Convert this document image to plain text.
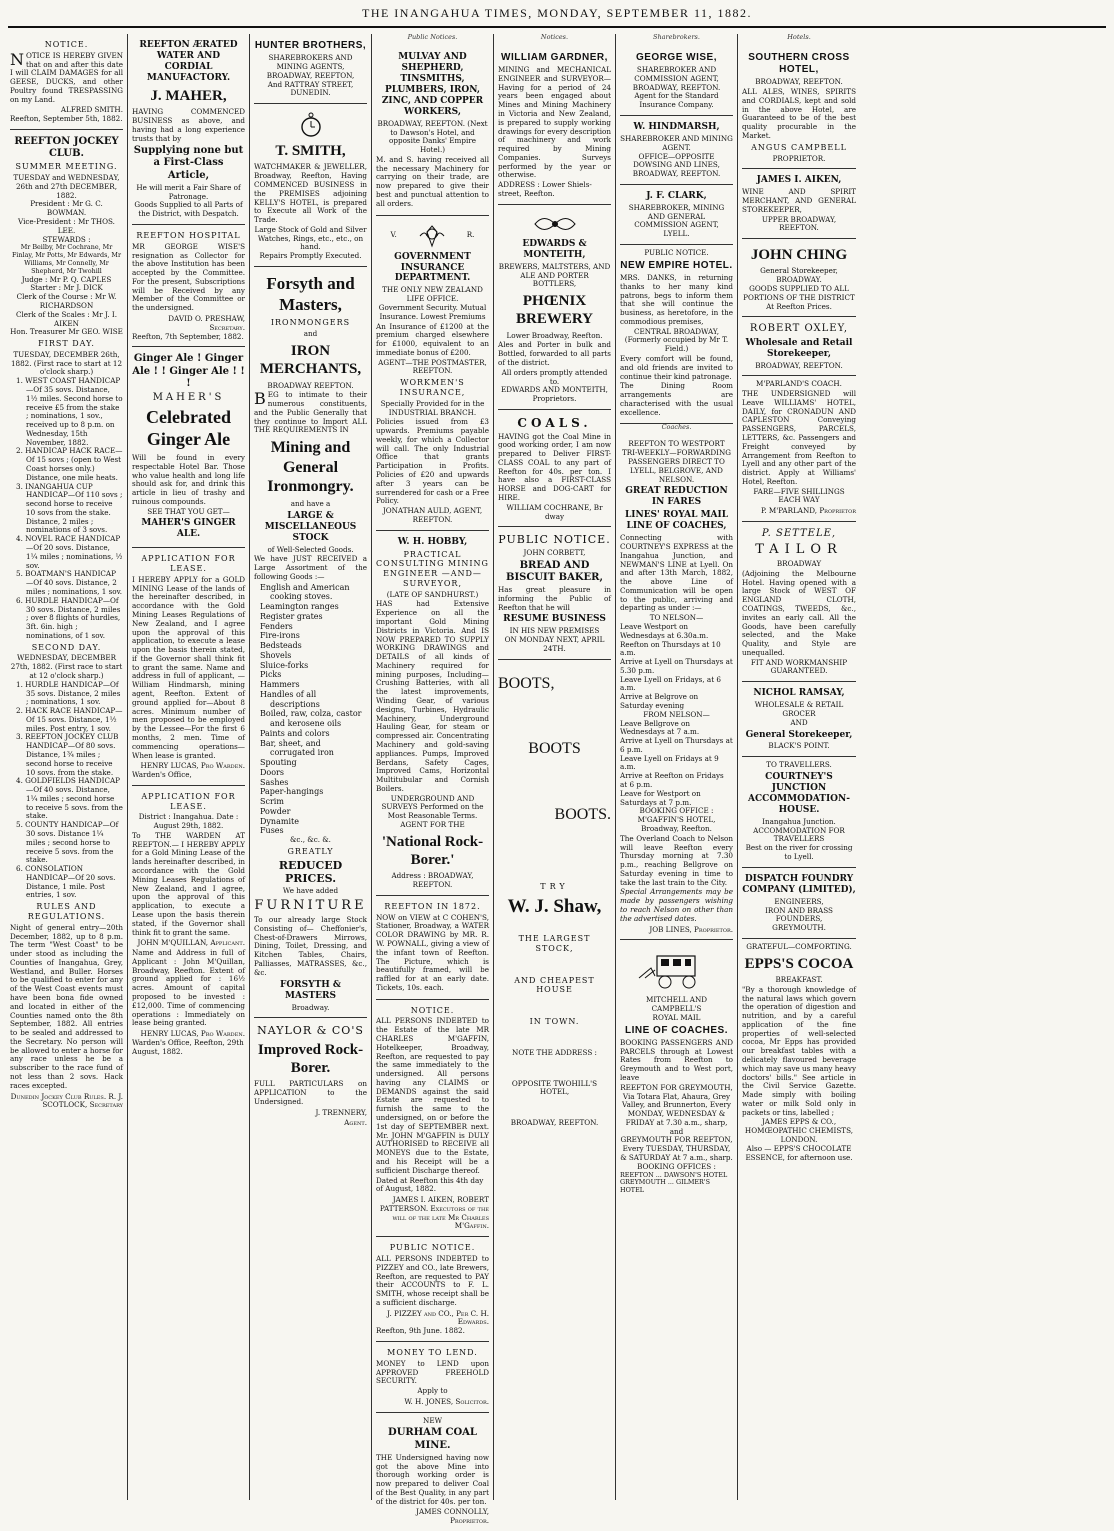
THE INANGAHUA TIMES, MONDAY, SEPTEMBER 11, 1882.
NOTICE.

NOTICE IS HEREBY GIVEN that on and after this date I will CLAIM DAMAGES for all GEESE, DUCKS, and other Poultry found TRESPASSING on my Land.

ALFRED SMITH.
Reefton, September 5th, 1882.
REEFTON JOCKEY CLUB.
SUMMER MEETING.
TUESDAY and WEDNESDAY, 26th and 27th DECEMBER, 1882.
President : Mr G. C. BOWMAN.
Vice-President : Mr THOS. LEE.
STEWARDS :
Mr Beilby, Mr Cochrane, Mr Finlay, Mr Potts, Mr Edwards, Mr Williams, Mr Connelly, Mr Shepherd, Mr Twohill
Judge : Mr P. Q. CAPLES
Starter : Mr J. DICK
Clerk of the Course : Mr W. RICHARDSON
Clerk of the Scales : Mr J. I. AIKEN
Hon. Treasurer Mr GEO. WISE
FIRST DAY.
TUESDAY, DECEMBER 26th, 1882. (First race to start at 12 o'clock sharp.)
1. WEST COAST HANDICAP—Of 35 sovs. Distance, 1½ miles. Second horse to receive £5 from the stake ; nominations, 1 sov., received up to 8 p.m. on Wednesday, 15th November, 1882.
2. HANDICAP HACK RACE—Of 15 sovs ; (open to West Coast horses only.) Distance, one mile heats.
3. INANGAHUA CUP HANDICAP—Of 110 sovs ; second horse to receive 10 sovs from the stake. Distance, 2 miles ; nominations of 3 sovs.
4. NOVEL RACE HANDICAP—Of 20 sovs. Distance, 1¼ miles ; nominations, ½ sov.
5. BOATMAN'S HANDICAP—Of 40 sovs. Distance, 2 miles ; nominations, 1 sov.
6. HURDLE HANDICAP—Of 30 sovs. Distance, 2 miles ; over 8 flights of hurdles, 3ft. 6in. high ; nominations, of 1 sov.
SECOND DAY.
WEDNESDAY, DECEMBER 27th, 1882. (First race to start at 12 o'clock sharp.)
1. HURDLE HANDICAP—Of 35 sovs. Distance, 2 miles ; nominations, 1 sov.
2. HACK RACE HANDICAP—Of 15 sovs. Distance, 1½ miles. Post entry, 1 sov.
3. REEFTON JOCKEY CLUB HANDICAP—Of 80 sovs. Distance, 1¾ miles ; second horse to receive 10 sovs. from the stake.
4. GOLDFIELDS HANDICAP—Of 40 sovs. Distance, 1¼ miles ; second horse to receive 5 sovs. from the stake.
5. COUNTY HANDICAP—Of 30 sovs. Distance 1¼ miles ; second horse to receive 5 sovs. from the stake.
6. CONSOLATION HANDICAP—Of 20 sovs. Distance, 1 mile. Post entries, 1 sov.
RULES AND REGULATIONS.

Night of general entry—20th December, 1882, up to 8 p.m. The term "West Coast" to be under stood as including the Counties of Inangahua, Grey, Westland, and Buller. Horses to be qualified to enter for any of the West Coast events must have been bona fide owned and located in either of the Counties named onto the 8th September, 1882. All entries to be sealed and addressed to the Secretary. No person will be allowed to enter a horse for any race unless he be a subscriber to the race fund of not less than 2 sovs. Hack races excepted.

Dunedin Jockey Club Rules. R. J. SCOTLOCK, Secretary
REEFTON ÆRATED WATER AND CORDIAL MANUFACTORY.
J. MAHER,

HAVING COMMENCED BUSINESS as above, and having had a long experience trusts that by

Supplying none but a First-Class Article,
He will merit a Fair Share of Patronage.
Goods Supplied to all Parts of the District, with Despatch.
REEFTON HOSPITAL

MR GEORGE WISE'S resignation as Collector for the above Institution has been accepted by the Committee. For the present, Subscriptions will be Received by any Member of the Committee or the undersigned.

DAVID O. PRESHAW, Secretary.
Reefton, 7th September, 1882.
Ginger Ale ! Ginger Ale ! ! Ginger Ale ! ! !
MAHER'S
Celebrated Ginger Ale

Will be found in every respectable Hotel Bar. Those who value health and long life should ask for, and drink this article in lieu of trashy and ruinous compounds.

SEE THAT YOU GET—
MAHER'S GINGER ALE.
APPLICATION FOR LEASE.

I HEREBY APPLY for a GOLD MINING Lease of the lands of the hereinafter described, in accordance with the Gold Mining Leases Regulations of New Zealand, and I agree upon the approval of this application, to execute a lease upon the basis therein stated, if the Governor shall think fit to grant the same. Name and address in full of applicant, — William Hindmarsh, mining agent, Reefton. Extent of ground applied for—About 8 acres. Minimum number of men proposed to be employed by the Lessee—For the first 6 months, 2 men. Time of commencing operations—When lease is granted.

HENRY LUCAS, Pro Warden.
Warden's Office,
APPLICATION FOR LEASE.
District : Inangahua. Date : August 29th, 1882.

To THE WARDEN AT REEFTON.— I HEREBY APPLY for a Gold Mining Lease of the lands hereinafter described, in accordance with the Gold Mining Leases Regulations of New Zealand, and I agree, upon the approval of this application, to execute a Lease upon the basis therein stated, if the Governor shall think fit to grant the same.

JOHN M'QUILLAN, Applicant.

Name and Address in full of Applicant : John M'Quillan, Broadway, Reefton. Extent of ground applied for : 16½ acres. Amount of capital proposed to be invested : £12,000. Time of commencing operations : Immediately on lease being granted.

HENRY LUCAS, Pro Warden.
Warden's Office, Reefton, 29th August, 1882.
HUNTER BROTHERS,
SHAREBROKERS AND MINING AGENTS,
BROADWAY, REEFTON,
And RATTRAY STREET, DUNEDIN.
T. SMITH,

WATCHMAKER & JEWELLER, Broadway, Reefton, Having COMMENCED BUSINESS in the PREMISES adjoining KELLY'S HOTEL, is prepared to Execute all Work of the Trade.

Large Stock of Gold and Silver Watches, Rings, etc., etc., on hand.
Repairs Promptly Executed.
Forsyth and Masters,
IRONMONGERS
and
IRON MERCHANTS,
BROADWAY REEFTON.

BEG to intimate to their numerous constituents, and the Public Generally that they continue to Import ALL THE REQUIREMENTS IN

Mining and General Ironmongry.
and have a
LARGE & MISCELLANEOUS STOCK
of Well-Selected Goods.

We have JUST RECEIVED a Large Assortment of the following Goods :—

English and American cooking stoves.
Leamington ranges
Register grates
Fenders
Fire-irons
Bedsteads
Shovels
Sluice-forks
Picks
Hammers
Handles of all descriptions
Boiled, raw, colza, castor and kerosene oils
Paints and colors
Bar, sheet, and corrugated iron
Spouting
Doors
Sashes
Paper-hangings
Scrim
Powder
Dynamite
Fuses
&c., &c. &.
GREATLY
REDUCED PRICES.
We have added
FURNITURE

To our already large Stock Consisting of— Cheffonier's, Chest-of-Drawers Mirrows, Dining, Toilet, Dressing, and Kitchen Tables, Chairs, Palliasses, MATRASSES, &c., &c.

FORSYTH & MASTERS
Broadway.
NAYLOR & CO'S
Improved Rock-Borer.

FULL PARTICULARS on APPLICATION to the Undersigned.

J. TRENNERY,
Agent.
Public Notices.
MULVAY AND SHEPHERD, TINSMITHS, PLUMBERS, IRON, ZINC, AND COPPER WORKERS,
BROADWAY, REEFTON. (Next to Dawson's Hotel, and opposite Danks' Empire Hotel.)

M. and S. having received all the necessary Machinery for carrying on their trade, are now prepared to give their best and punctual attention to all orders.

V.	R.
GOVERNMENT INSURANCE DEPARTMENT.
THE ONLY NEW ZEALAND LIFE OFFICE.
Government Security. Mutual Insurance. Lowest Premiums

An Insurance of £1200 at the premium charged elsewhere for £1000, equivalent to an immediate bonus of £200.

AGENT—THE POSTMASTER, REEFTON.
WORKMEN'S INSURANCE,
Specially Provided for in the INDUSTRIAL BRANCH.

Policies issued from £3 upwards. Premiums payable weekly, for which a Collector will call. The only Industrial Office that grants Participation in Profits. Policies of £20 and upwards after 3 years can be surrendered for cash or a Free Policy.

JONATHAN AULD, AGENT, REEFTON.
W. H. HOBBY,
PRACTICAL CONSULTING MINING ENGINEER —AND— SURVEYOR,
(LATE OF SANDHURST.)

HAS had Extensive Experience on all the important Gold Mining Districts in Victoria. And IS NOW PREPARED TO SUPPLY WORKING DRAWINGS and DETAILS of all kinds of Machinery required for mining purposes, Including— Crushing Batteries, with all the latest improvements, Winding Gear, of various designs, Turbines, Hydraulic Machinery, Underground Hauling Gear, for steam or compressed air. Concentrating Machinery and gold-saving appliances. Pumps, Improved Berdans, Safety Cages, Improved Cams, Horizontal Multitubular and Cornish Boilers.

UNDERGROUND AND SURVEYS Performed on the Most Reasonable Terms.
AGENT FOR THE
'National Rock-Borer.'
Address : BROADWAY, REEFTON.
REEFTON IN 1872.

NOW on VIEW at C COHEN'S, Stationer, Broadway, a WATER COLOR DRAWING by MR. R. W. POWNALL, giving a view of the infant town of Reefton. The Picture, which is beautifully framed, will be raffled for at an early date. Tickets, 10s. each.

NOTICE.

ALL PERSONS INDEBTED to the Estate of the late MR CHARLES M'GAFFIN, Hotelkeeper, Broadway, Reefton, are requested to pay the same immediately to the undersigned. All persons having any CLAIMS or DEMANDS against the said Estate are requested to furnish the same to the undersigned, on or before the 1st day of SEPTEMBER next. Mr. JOHN M'GAFFIN is DULY AUTHORISED to RECEIVE all MONEYS due to the Estate, and his Receipt will be a sufficient Discharge thereof.

Dated at Reefton this 4th day of August, 1882.
JAMES I. AIKEN, ROBERT PATTERSON. Executors of the will of the late Mr Charles M'Gaffin.
PUBLIC NOTICE.

ALL PERSONS INDEBTED to PIZZEY and CO., late Brewers, Reefton, are requested to PAY their ACCOUNTS to F. L. SMITH, whose receipt shall be a sufficient discharge.

J. PIZZEY and CO., Per C. H. Edwards.
Reefton, 9th June. 1882.
MONEY TO LEND.

MONEY to LEND upon APPROVED FREEHOLD SECURITY.

Apply to
W. H. JONES, Solicitor.
NEW
DURHAM COAL MINE.

THE Undersigned having now got the above Mine into thorough working order is now prepared to deliver Coal of the Best Quality, in any part of the district for 40s. per ton.

JAMES CONNOLLY, Proprietor.
Notices.
WILLIAM GARDNER,

MINING and MECHANICAL ENGINEER and SURVEYOR—Having for a period of 24 years been engaged about Mines and Mining Machinery in Victoria and New Zealand, is prepared to supply working drawings for every description of machinery and work required by Mining Companies. Surveys performed by the year or otherwise.

ADDRESS : Lower Shiels-street, Reefton.
EDWARDS & MONTEITH,
BREWERS, MALTSTERS, AND ALE AND PORTER BOTTLERS,
PHŒNIX BREWERY
Lower Broadway, Reefton.

Ales and Porter in bulk and Bottled, forwarded to all parts of the district.

All orders promptly attended to.
EDWARDS AND MONTEITH, Proprietors.
COALS.

HAVING got the Coal Mine in good working order, I am now prepared to Deliver FIRST-CLASS COAL to any part of Reefton for 40s. per ton. I have also a FIRST-CLASS HORSE and DOG-CART for HIRE.

WILLIAM COCHRANE, Br dway
PUBLIC NOTICE.
JOHN CORBETT,
BREAD AND BISCUIT BAKER,

Has great pleasure in informing the Public of Reefton that he will

RESUME BUSINESS
IN HIS NEW PREMISES
ON MONDAY NEXT, APRIL 24TH.
BOOTS,
BOOTS
BOOTS.
TRY
W. J. Shaw,
THE LARGEST STOCK,
AND CHEAPEST HOUSE
IN TOWN.
NOTE THE ADDRESS :
OPPOSITE TWOHILL'S HOTEL,
BROADWAY, REEFTON.
Sharebrokers.
GEORGE WISE,
SHAREBROKER AND COMMISSION AGENT,
BROADWAY, REEFTON.
Agent for the Standard Insurance Company.
W. HINDMARSH,
SHAREBROKER AND MINING AGENT.
OFFICE—OPPOSITE DOWSING AND LINES,
BROADWAY, REEFTON.
J. F. CLARK,
SHAREBROKER, MINING AND GENERAL COMMISSION AGENT,
LYELL.
PUBLIC NOTICE.
NEW EMPIRE HOTEL.

MRS. DANKS, in returning thanks to her many kind patrons, begs to inform them that she will continue the business, as heretofore, in the commodious premises,

CENTRAL BROADWAY,
(Formerly occupied by Mr T. Field.)

Every comfort will be found, and old friends are invited to continue their kind patronage.

The Dining Room arrangements are characterised with the usual excellence.

Coaches.
REEFTON TO WESTPORT TRI-WEEKLY—FORWARDING PASSENGERS DIRECT TO LYELL, BELGROVE, AND NELSON.
GREAT REDUCTION IN FARES
LINES' ROYAL MAIL LINE OF COACHES,

Connecting with COURTNEY'S EXPRESS at the Inangahua Junction, and NEWMAN'S LINE at Lyell. On and after 13th March, 1882, the above Line of Communication will be open to the public, arriving and departing as under :—

TO NELSON—
Leave Westport on Wednesdays at 6.30a.m.
Reefton on Thursdays at 10 a.m.
Arrive at Lyell on Thursdays at 5.30 p.m.
Leave Lyell on Fridays, at 6 a.m.
Arrive at Belgrove on Saturday evening
FROM NELSON—
Leave Bellgrove on Wednesdays at 7 a.m.
Arrive at Lyell on Thursdays at 6 p.m.
Leave Lyell on Fridays at 9 a.m.
Arrive at Reefton on Fridays at 6 p.m.
Leave for Westport on Saturdays at 7 p.m.
BOOKING OFFICE : M'GAFFIN'S HOTEL, Broadway, Reefton.

The Overland Coach to Nelson will leave Reefton every Thursday morning at 7.30 p.m., reaching Bellgrove on Saturday evening in time to take the last train to the City.

Special Arrangements may be made by passengers wishing to reach Nelson on other than the advertised dates.

JOB LINES, Proprietor.
MITCHELL AND CAMPBELL'S
ROYAL MAIL
LINE OF COACHES.

BOOKING PASSENGERS AND PARCELS through at Lowest Rates from Reefton to Greymouth and to West port, leave

REEFTON FOR GREYMOUTH,
Via Totara Flat, Ahaura, Grey Valley, and Brunnerton, Every MONDAY, WEDNESDAY & FRIDAY at 7.30 a.m., sharp, and
GREYMOUTH FOR REEFTON,
Every TUESDAY, THURSDAY, & SATURDAY At 7 a.m., sharp.
BOOKING OFFICES :
REEFTON ... DAWSON'S HOTEL GREYMOUTH ... GILMER'S HOTEL
Hotels.
SOUTHERN CROSS HOTEL,
BROADWAY, REEFTON.

ALL ALES, WINES, SPIRITS and CORDIALS, kept and sold in the above Hotel, are Guaranteed to be of the best quality procurable in the Market.

ANGUS CAMPBELL
PROPRIETOR.
JAMES I. AIKEN,

WINE AND SPIRIT MERCHANT, AND GENERAL STOREKEEPER,

UPPER BROADWAY, REEFTON.
JOHN CHING
General Storekeeper,
BROADWAY.
GOODS SUPPLIED TO ALL PORTIONS OF THE DISTRICT At Reefton Prices.
ROBERT OXLEY,
Wholesale and Retail Storekeeper,
BROADWAY, REEFTON.
M'PARLAND'S COACH.

THE UNDERSIGNED will Leave WILLIAMS' HOTEL, DAILY, for CRONADUN AND CAPLESTON Conveying PASSENGERS, PARCELS, LETTERS, &c. Passengers and Freight conveyed by Arrangement from Reefton to Lyell and any other part of the district. Apply at Williams' Hotel, Reefton.

FARE—FIVE SHILLINGS EACH WAY
P. M'PARLAND, Proprietor
P. SETTELE,
TAILOR
BROADWAY

(Adjoining the Melbourne Hotel. Having opened with a large Stock of WEST OF ENGLAND CLOTH, COATINGS, TWEEDS, &c., invites an early call. All the Goods, have been carefully selected, and the Make Quality, and Style are unequalled.

FIT AND WORKMANSHIP GUARANTEED.
NICHOL RAMSAY,
WHOLESALE & RETAIL GROCER
AND
General Storekeeper,
BLACK'S POINT.
TO TRAVELLERS.
COURTNEY'S JUNCTION ACCOMMODATION-HOUSE.
Inangahua Junction.
ACCOMMODATION FOR TRAVELLERS
Best on the river for crossing to Lyell.
DISPATCH FOUNDRY COMPANY (LIMITED),
ENGINEERS,
IRON AND BRASS FOUNDERS,
GREYMOUTH.
GRATEFUL—COMFORTING.
EPPS'S COCOA
BREAKFAST.

"By a thorough knowledge of the natural laws which govern the operation of digestion and nutrition, and by a careful application of the fine properties of well-selected cocoa, Mr Epps has provided our breakfast tables with a delicately flavoured beverage which may save us many heavy doctors' bills." See article in the Civil Service Gazette. Made simply with boiling water or milk Sold only in packets or tins, labelled ;

JAMES EPPS & CO.,
HOMŒOPATHIC CHEMISTS, LONDON.
Also — EPPS'S CHOCOLATE ESSENCE, for afternoon use.
